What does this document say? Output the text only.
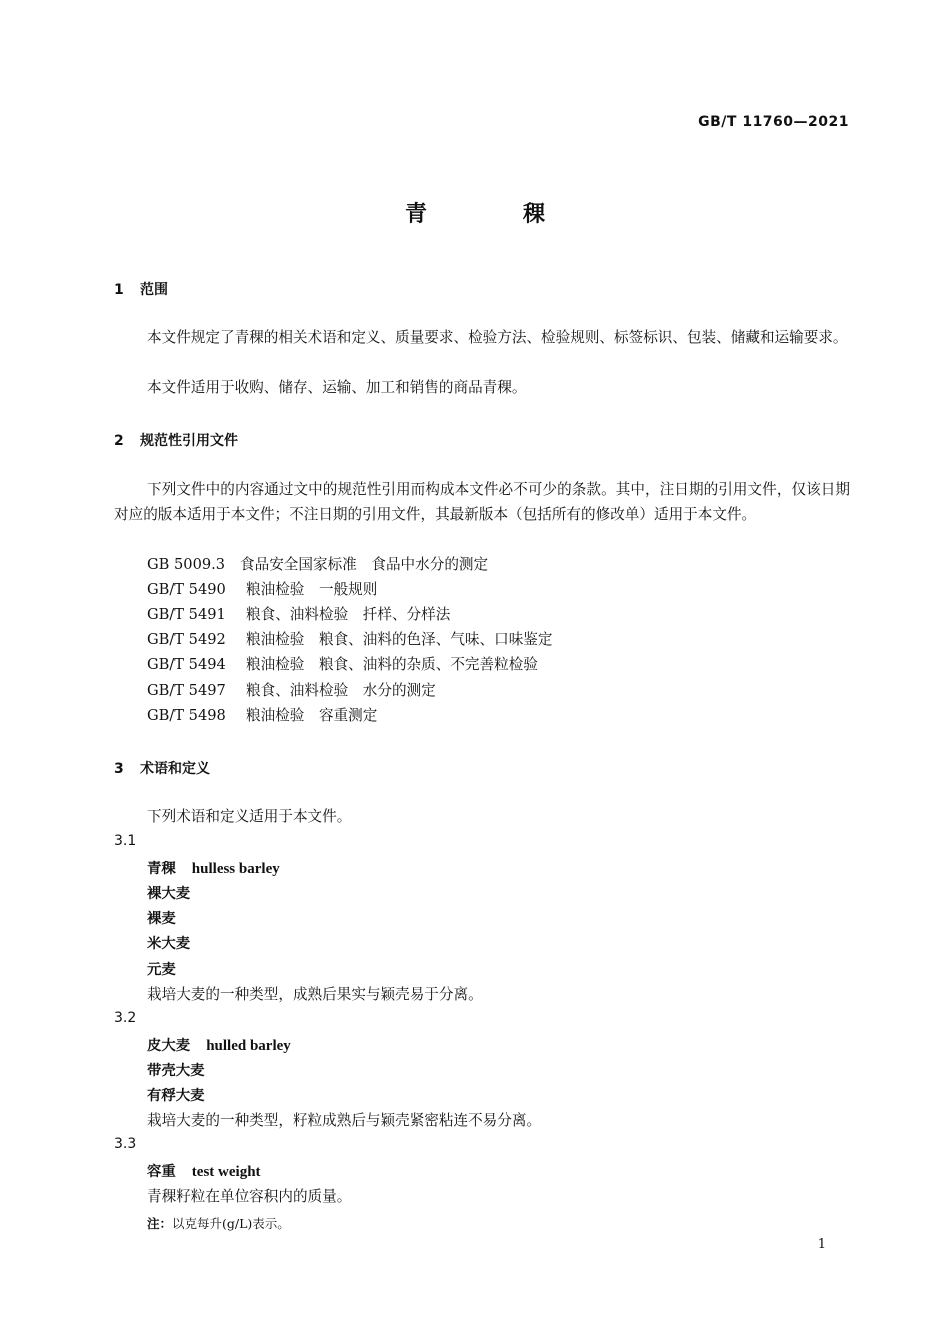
GB/T 11760—2021
青	稞
1 范围
本文件规定了青稞的相关术语和定义、质量要求、检验方法、检验规则、标签标识、包装、储藏和运输要求。
本文件适用于收购、储存、运输、加工和销售的商品青稞。
2 规范性引用文件
下列文件中的内容通过文中的规范性引用而构成本文件必不可少的条款。其中，注日期的引用文件，仅该日期对应的版本适用于本文件；不注日期的引用文件，其最新版本（包括所有的修改单）适用于本文件。
GB 5009.3 食品安全国家标准　食品中水分的测定
GB/T 5490 粮油检验　一般规则
GB/T 5491 粮食、油料检验　扦样、分样法
GB/T 5492 粮油检验　粮食、油料的色泽、气味、口味鉴定
GB/T 5494 粮油检验　粮食、油料的杂质、不完善粒检验
GB/T 5497 粮食、油料检验　水分的测定
GB/T 5498 粮油检验　容重测定
3 术语和定义
下列术语和定义适用于本文件。
3.1
青稞 hulless barley
裸大麦
裸麦
米大麦
元麦
栽培大麦的一种类型，成熟后果实与颖壳易于分离。
3.2
皮大麦 hulled barley
带壳大麦
有稃大麦
栽培大麦的一种类型，籽粒成熟后与颖壳紧密粘连不易分离。
3.3
容重 test weight
青稞籽粒在单位容积内的质量。
注：以克每升(g/L)表示。
1
